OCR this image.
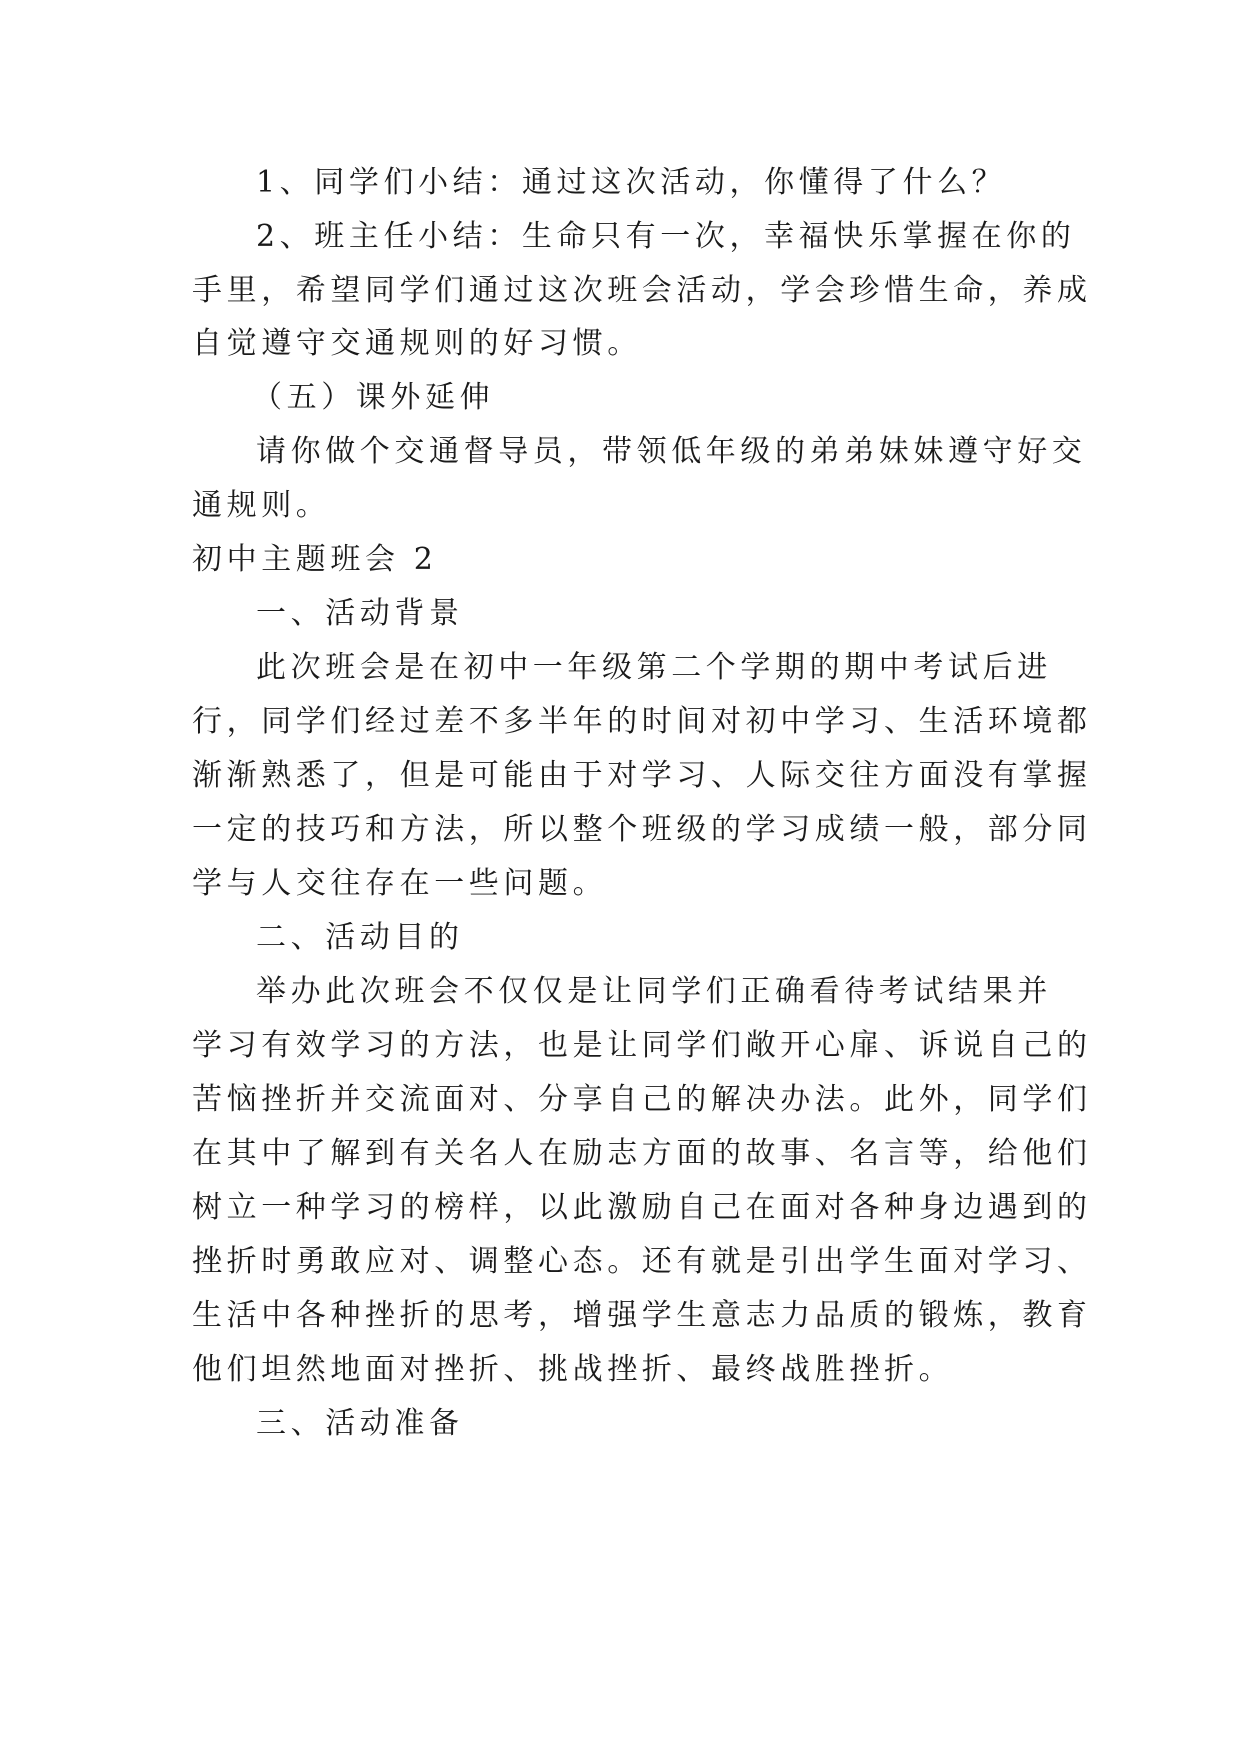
1、同学们小结：通过这次活动，你懂得了什么？

2、班主任小结：生命只有一次，幸福快乐掌握在你的

手里，希望同学们通过这次班会活动，学会珍惜生命，养成

自觉遵守交通规则的好习惯。

（五）课外延伸

请你做个交通督导员，带领低年级的弟弟妹妹遵守好交

通规则。

初中主题班会 2

一、活动背景

此次班会是在初中一年级第二个学期的期中考试后进

行，同学们经过差不多半年的时间对初中学习、生活环境都

渐渐熟悉了，但是可能由于对学习、人际交往方面没有掌握

一定的技巧和方法，所以整个班级的学习成绩一般，部分同

学与人交往存在一些问题。

二、活动目的

举办此次班会不仅仅是让同学们正确看待考试结果并

学习有效学习的方法，也是让同学们敞开心扉、诉说自己的

苦恼挫折并交流面对、分享自己的解决办法。此外，同学们

在其中了解到有关名人在励志方面的故事、名言等，给他们

树立一种学习的榜样，以此激励自己在面对各种身边遇到的

挫折时勇敢应对、调整心态。还有就是引出学生面对学习、

生活中各种挫折的思考，增强学生意志力品质的锻炼，教育

他们坦然地面对挫折、挑战挫折、最终战胜挫折。

三、活动准备
